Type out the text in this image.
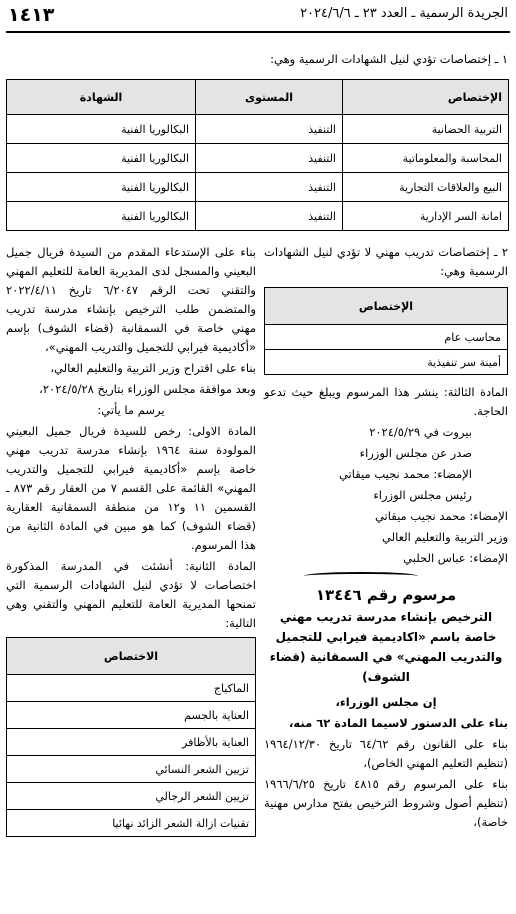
الجريدة الرسمية ـ العدد ٢٣ ـ ٢٠٢٤/٦/٦
١٤١٣
١ ـ إختصاصات تؤدي لنيل الشهادات الرسمية وهي:
الإختصاص	المستوى	الشهادة
التربية الحضانية	التنفيذ	البكالوريا الفنية
المحاسبة والمعلوماتية	التنفيذ	البكالوريا الفنية
البيع والعلاقات التجارية	التنفيذ	البكالوريا الفنية
امانة السر الإدارية	التنفيذ	البكالوريا الفنية

٢ ـ إختصاصات تدريب مهني لا تؤدي لنيل الشهادات الرسمية وهي:

الإختصاص
محاسب عام
أمينة سر تنفيذية

المادة الثالثة: ينشر هذا المرسوم ويبلغ حيث تدعو الحاجة.

بيروت في ٢٠٢٤/٥/٢٩

صدر عن مجلس الوزراء

الإمضاء: محمد نجيب ميقاتي

رئيس مجلس الوزراء

الإمضاء: محمد نجيب ميقاتي

وزير التربية والتعليم العالي

الإمضاء: عباس الحلبي

مرسوم رقم ١٣٤٤٦
الترخيص بإنشاء مدرسة تدريب مهني خاصة باسم «اكاديمية فيرابي للتجميل والتدريب المهني» في السمقانية (قضاء الشوف)

إن مجلس الوزراء،

بناء على الدستور لاسيما المادة ٦٢ منه،

بناء على القانون رقم ٦٤/٦٢ تاريخ ١٩٦٤/١٢/٣٠ (تنظيم التعليم المهني الخاص)،

بناء على المرسوم رقم ٤٨١٥ تاريخ ١٩٦٦/٦/٢٥ (تنظيم أصول وشروط الترخيص بفتح مدارس مهنية خاصة)،

بناء على الإستدعاء المقدم من السيدة فريال جميل البعيني والمسجل لدى المديرية العامة للتعليم المهني والتقني تحت الرقم ٦/٢٠٤٧ تاريخ ٢٠٢٢/٤/١١ والمتضمن طلب الترخيص بإنشاء مدرسة تدريب مهني خاصة في السمقانية (قضاء الشوف) بإسم «أكاديمية فيرابي للتجميل والتدريب المهني»،

بناء على اقتراح وزير التربية والتعليم العالي،

وبعد موافقة مجلس الوزراء بتاريخ ٢٠٢٤/٥/٢٨،

يرسم ما يأتي:

المادة الاولى: رخص للسيدة فريال جميل البعيني المولودة سنة ١٩٦٤ بإنشاء مدرسة تدريب مهني خاصة بإسم «أكاديمية فيرابي للتجميل والتدريب المهني» القائمة على القسم ٧ من العقار رقم ٨٧٣ ـ القسمين ١١ و١٢ من منطقة السمقانية العقارية (قضاء الشوف) كما هو مبين في المادة الثانية من هذا المرسوم.

المادة الثانية: أنشئت في المدرسة المذكورة اختصاصات لا تؤدي لنيل الشهادات الرسمية التي تمنحها المديرية العامة للتعليم المهني والتقني وهي التالية:

الاختصاص
الماكياج
العناية بالجسم
العناية بالأظافر
تزيين الشعر النسائي
تزيين الشعر الرجالي
تقنيات ازالة الشعر الزائد نهائيا
